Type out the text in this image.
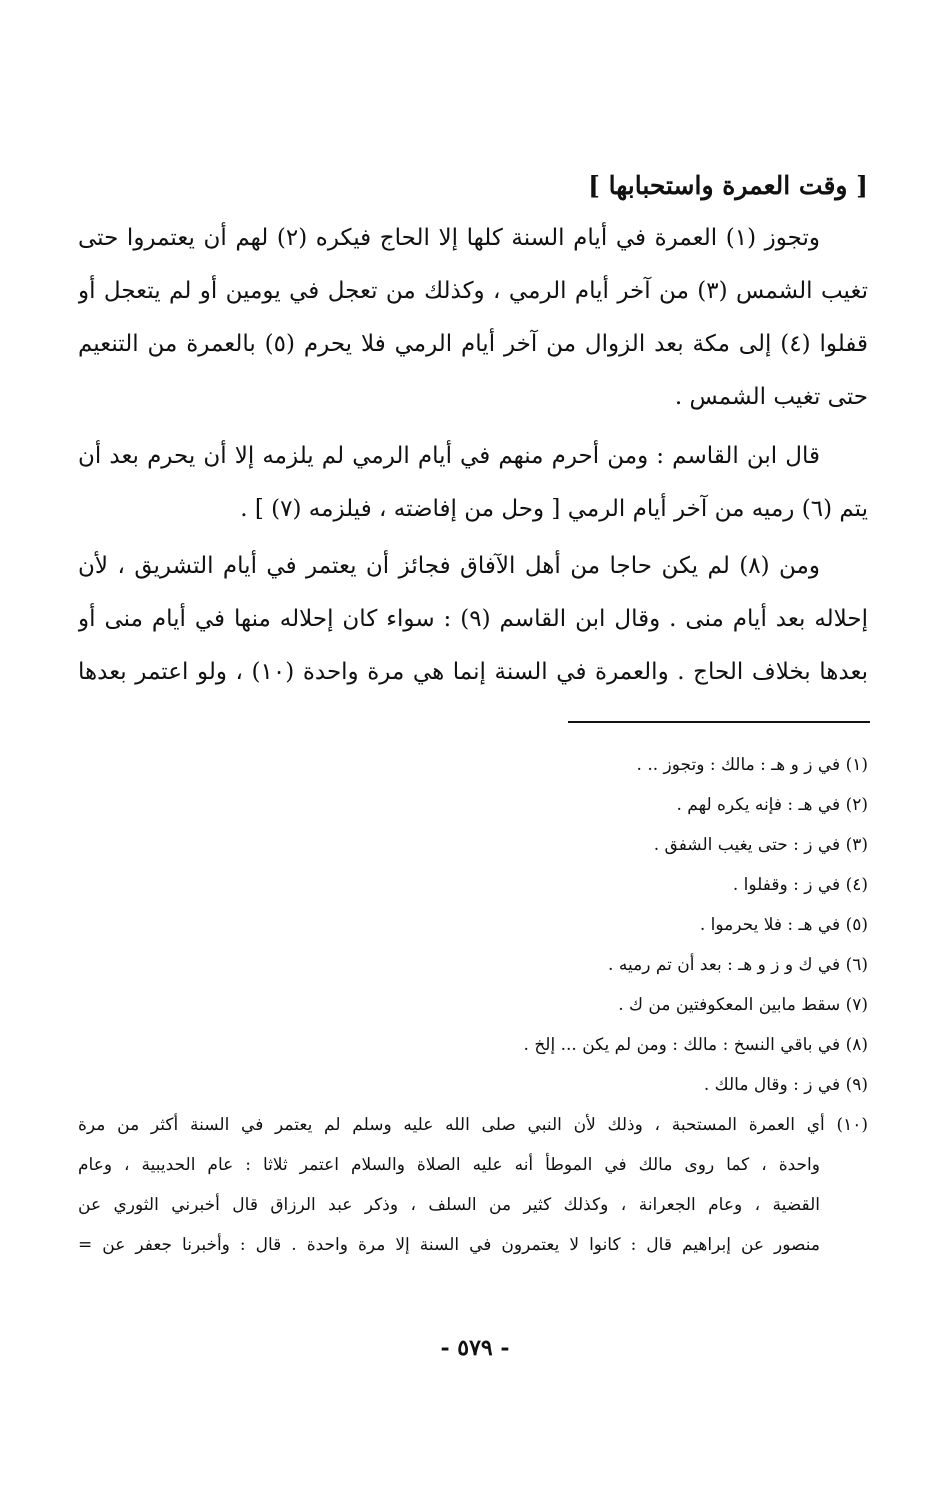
[ وقت العمرة واستحبابها ]
وتجوز (١) العمرة في أيام السنة كلها إلا الحاج فيكره (٢) لهم أن يعتمروا حتى
تغيب الشمس (٣) من آخر أيام الرمي ، وكذلك من تعجل في يومين أو لم يتعجل أو
قفلوا (٤) إلى مكة بعد الزوال من آخر أيام الرمي فلا يحرم (٥) بالعمرة من التنعيم
حتى تغيب الشمس .
قال ابن القاسم : ومن أحرم منهم في أيام الرمي لم يلزمه إلا أن يحرم بعد أن
يتم (٦) رميه من آخر أيام الرمي [ وحل من إفاضته ، فيلزمه (٧) ] .
ومن (٨) لم يكن حاجا من أهل الآفاق فجائز أن يعتمر في أيام التشريق ، لأن
إحلاله بعد أيام منى . وقال ابن القاسم (٩) : سواء كان إحلاله منها في أيام منى أو
بعدها بخلاف الحاج . والعمرة في السنة إنما هي مرة واحدة (١٠) ، ولو اعتمر بعدها
(١) في ز و هـ : مالك : وتجوز .. .
(٢) في هـ : فإنه يكره لهم .
(٣) في ز : حتى يغيب الشفق .
(٤) في ز : وقفلوا .
(٥) في هـ : فلا يحرموا .
(٦) في ك و ز و هـ : بعد أن تم رميه .
(٧) سقط مابين المعكوفتين من ك .
(٨) في باقي النسخ : مالك : ومن لم يكن ... إلخ .
(٩) في ز : وقال مالك .
(١٠) أي العمرة المستحبة ، وذلك لأن النبي صلى الله عليه وسلم لم يعتمر في السنة أكثر من مرة
واحدة ، كما روى مالك في الموطأ أنه عليه الصلاة والسلام اعتمر ثلاثا : عام الحديبية ، وعام
القضية ، وعام الجعرانة ، وكذلك كثير من السلف ، وذكر عبد الرزاق قال أخبرني الثوري عن
منصور عن إبراهيم قال : كانوا لا يعتمرون في السنة إلا مرة واحدة . قال : وأخبرنا جعفر عن =
- ٥٧٩ -
